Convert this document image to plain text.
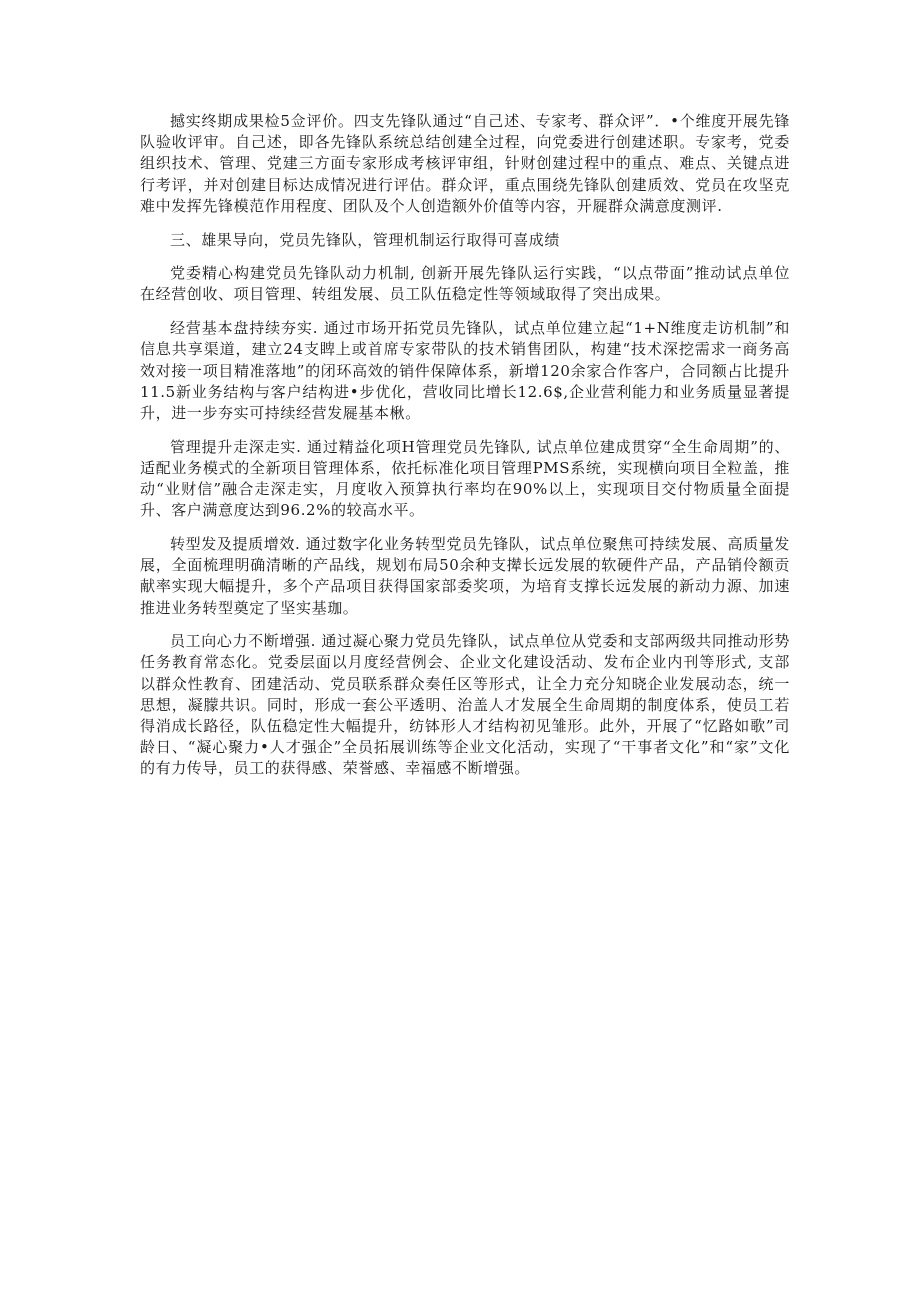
撼实终期成果检5佥评价。四支先锋队通过“自己述、专家考、群众评”．•个维度开展先锋队验收评审。自己述，即各先锋队系统总结创建全过程，向党委进行创建述职。专家考，党委组织技术、管理、党建三方面专家形成考核评审组，针财创建过程中的重点、难点、关键点进行考评，并对创建目标达成情况进行评估。群众评，重点围绕先锋队创建质效、党员在攻坚克难中发挥先锋模范作用程度、团队及个人创造额外价值等内容，开屣群众满意度测评.

三、雄果导向，党员先锋队，管理机制运行取得可喜成绩

党委精心构建党员先锋队动力机制, 创新开展先锋队运行实践，“以点带面”推动试点单位在经营创收、项目管理、转组发展、员工队伍稳定性等领域取得了突出成果。

经营基本盘持续夯实. 通过市场开拓党员先锋队，试点单位建立起“1+N维度走访机制”和信息共享渠道，建立24支睥上或首席专家带队的技术销售团队，构建“技术深挖需求一商务高效对接一项目精准落地”的闭环高效的销件保障体系，新增120余家合作客户，合同额占比提升11.5新业务结构与客户结构进•步优化，营收同比增长12.6$,企业营利能力和业务质量显著提升，进一步夯实可持续经营发屣基本楸。

管理提升走深走实. 通过精益化项H管理党员先锋队, 试点单位建成贯穿“全生命周期”的、适配业务模式的全新项目管理体系，依托标准化项目管理PMS系统，实现横向项目全粒盖，推动“业财信”融合走深走实，月度收入预算执行率均在90%以上，实现项目交付物质量全面提升、客户满意度达到96.2%的较高水平。

转型发及提质增效. 通过数字化业务转型党员先锋队，试点单位聚焦可持续发展、高质量发展，全面梳理明确清晰的产品线，规划布局50余种支撵长远发展的软硬件产品，产品销伶额贡献率实现大幅提升，多个产品项目获得国家部委奖项，为培育支撑长远发展的新动力源、加速推进业务转型奠定了坚实基珈。

员工向心力不断增强. 通过凝心聚力党员先锋队，试点单位从党委和支部两级共同推动形势任务教育常态化。党委层面以月度经营例会、企业文化建设活动、发布企业内刊等形式, 支部以群众性教育、团建活动、党员联系群众奏任区等形式，让全力充分知晓企业发展动态，统一思想，凝朦共识。同时，形成一套公平透明、治盖人才发展全生命周期的制度体系，使员工若得消成长路径，队伍稳定性大幅提升，纺钵形人才结构初见雏形。此外，开展了“忆路如歌”司龄日、“凝心聚力•人才强企”全员拓展训练等企业文化活动，实现了“干事者文化”和“家”文化的有力传导，员工的获得感、荣誉感、幸福感不断增强。
